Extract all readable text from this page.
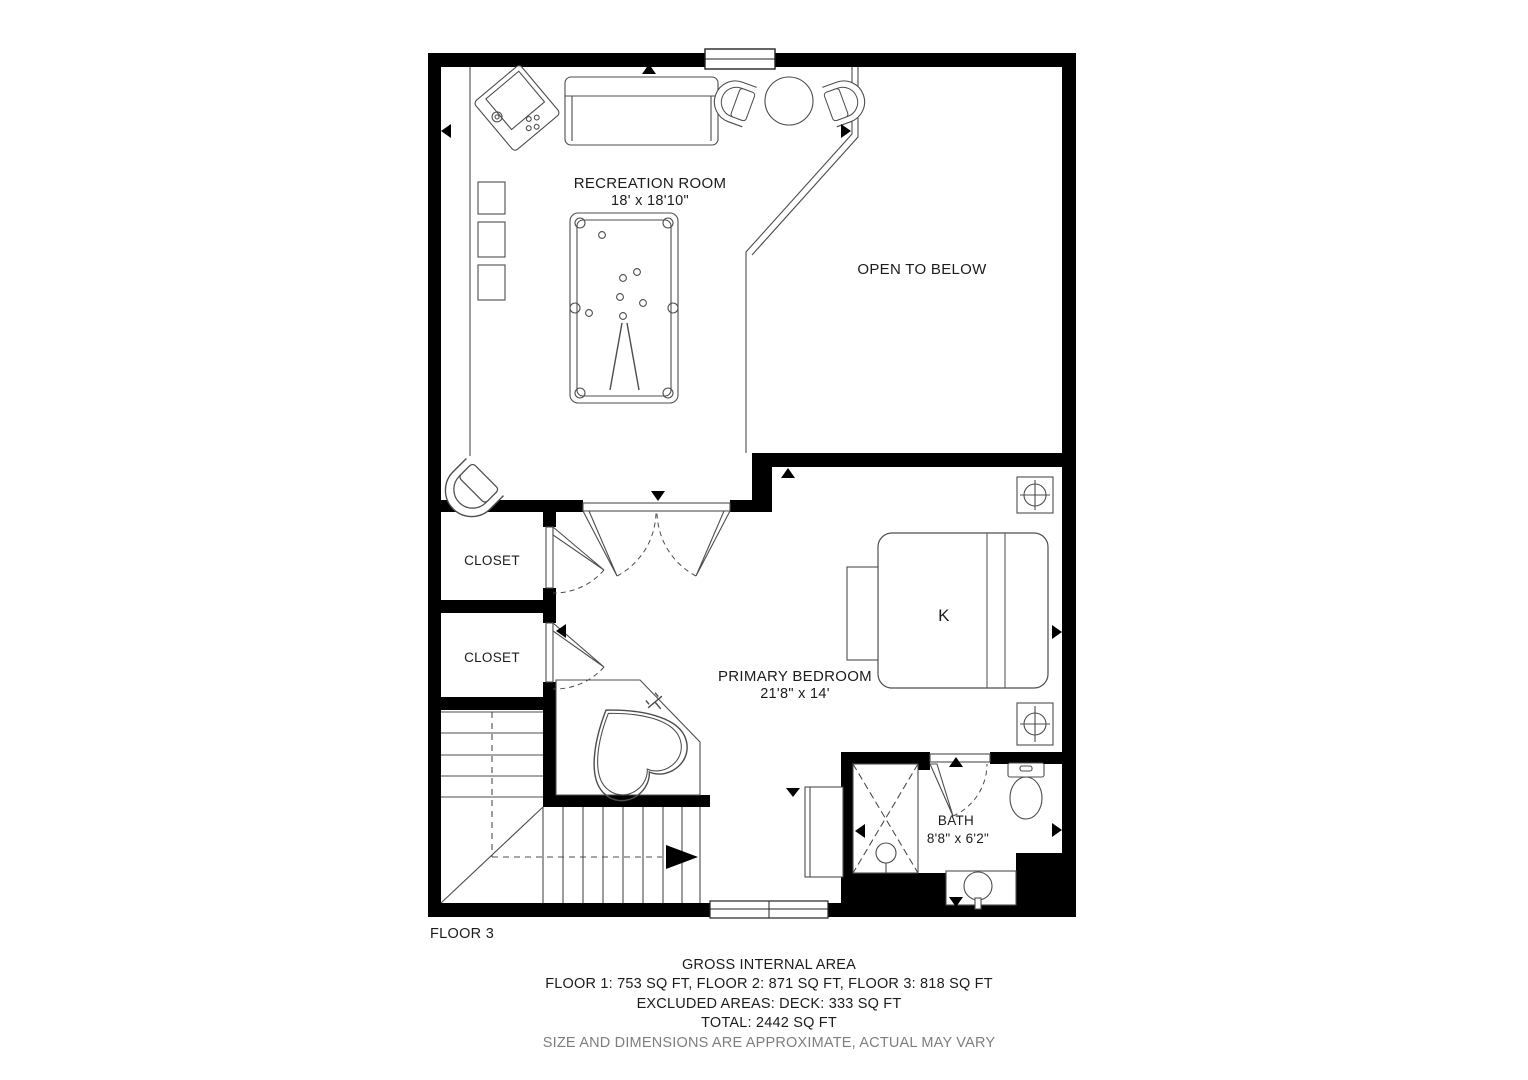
RECREATION ROOM
18' x 18'10"
OPEN TO BELOW
CLOSET
CLOSET
PRIMARY BEDROOM
21'8" x 14'
BATH
8'8" x 6'2"
K
FLOOR 3
GROSS INTERNAL AREA
FLOOR 1: 753 SQ FT, FLOOR 2: 871 SQ FT, FLOOR 3: 818 SQ FT
EXCLUDED AREAS: DECK: 333 SQ FT
TOTAL: 2442 SQ FT
SIZE AND DIMENSIONS ARE APPROXIMATE, ACTUAL MAY VARY
